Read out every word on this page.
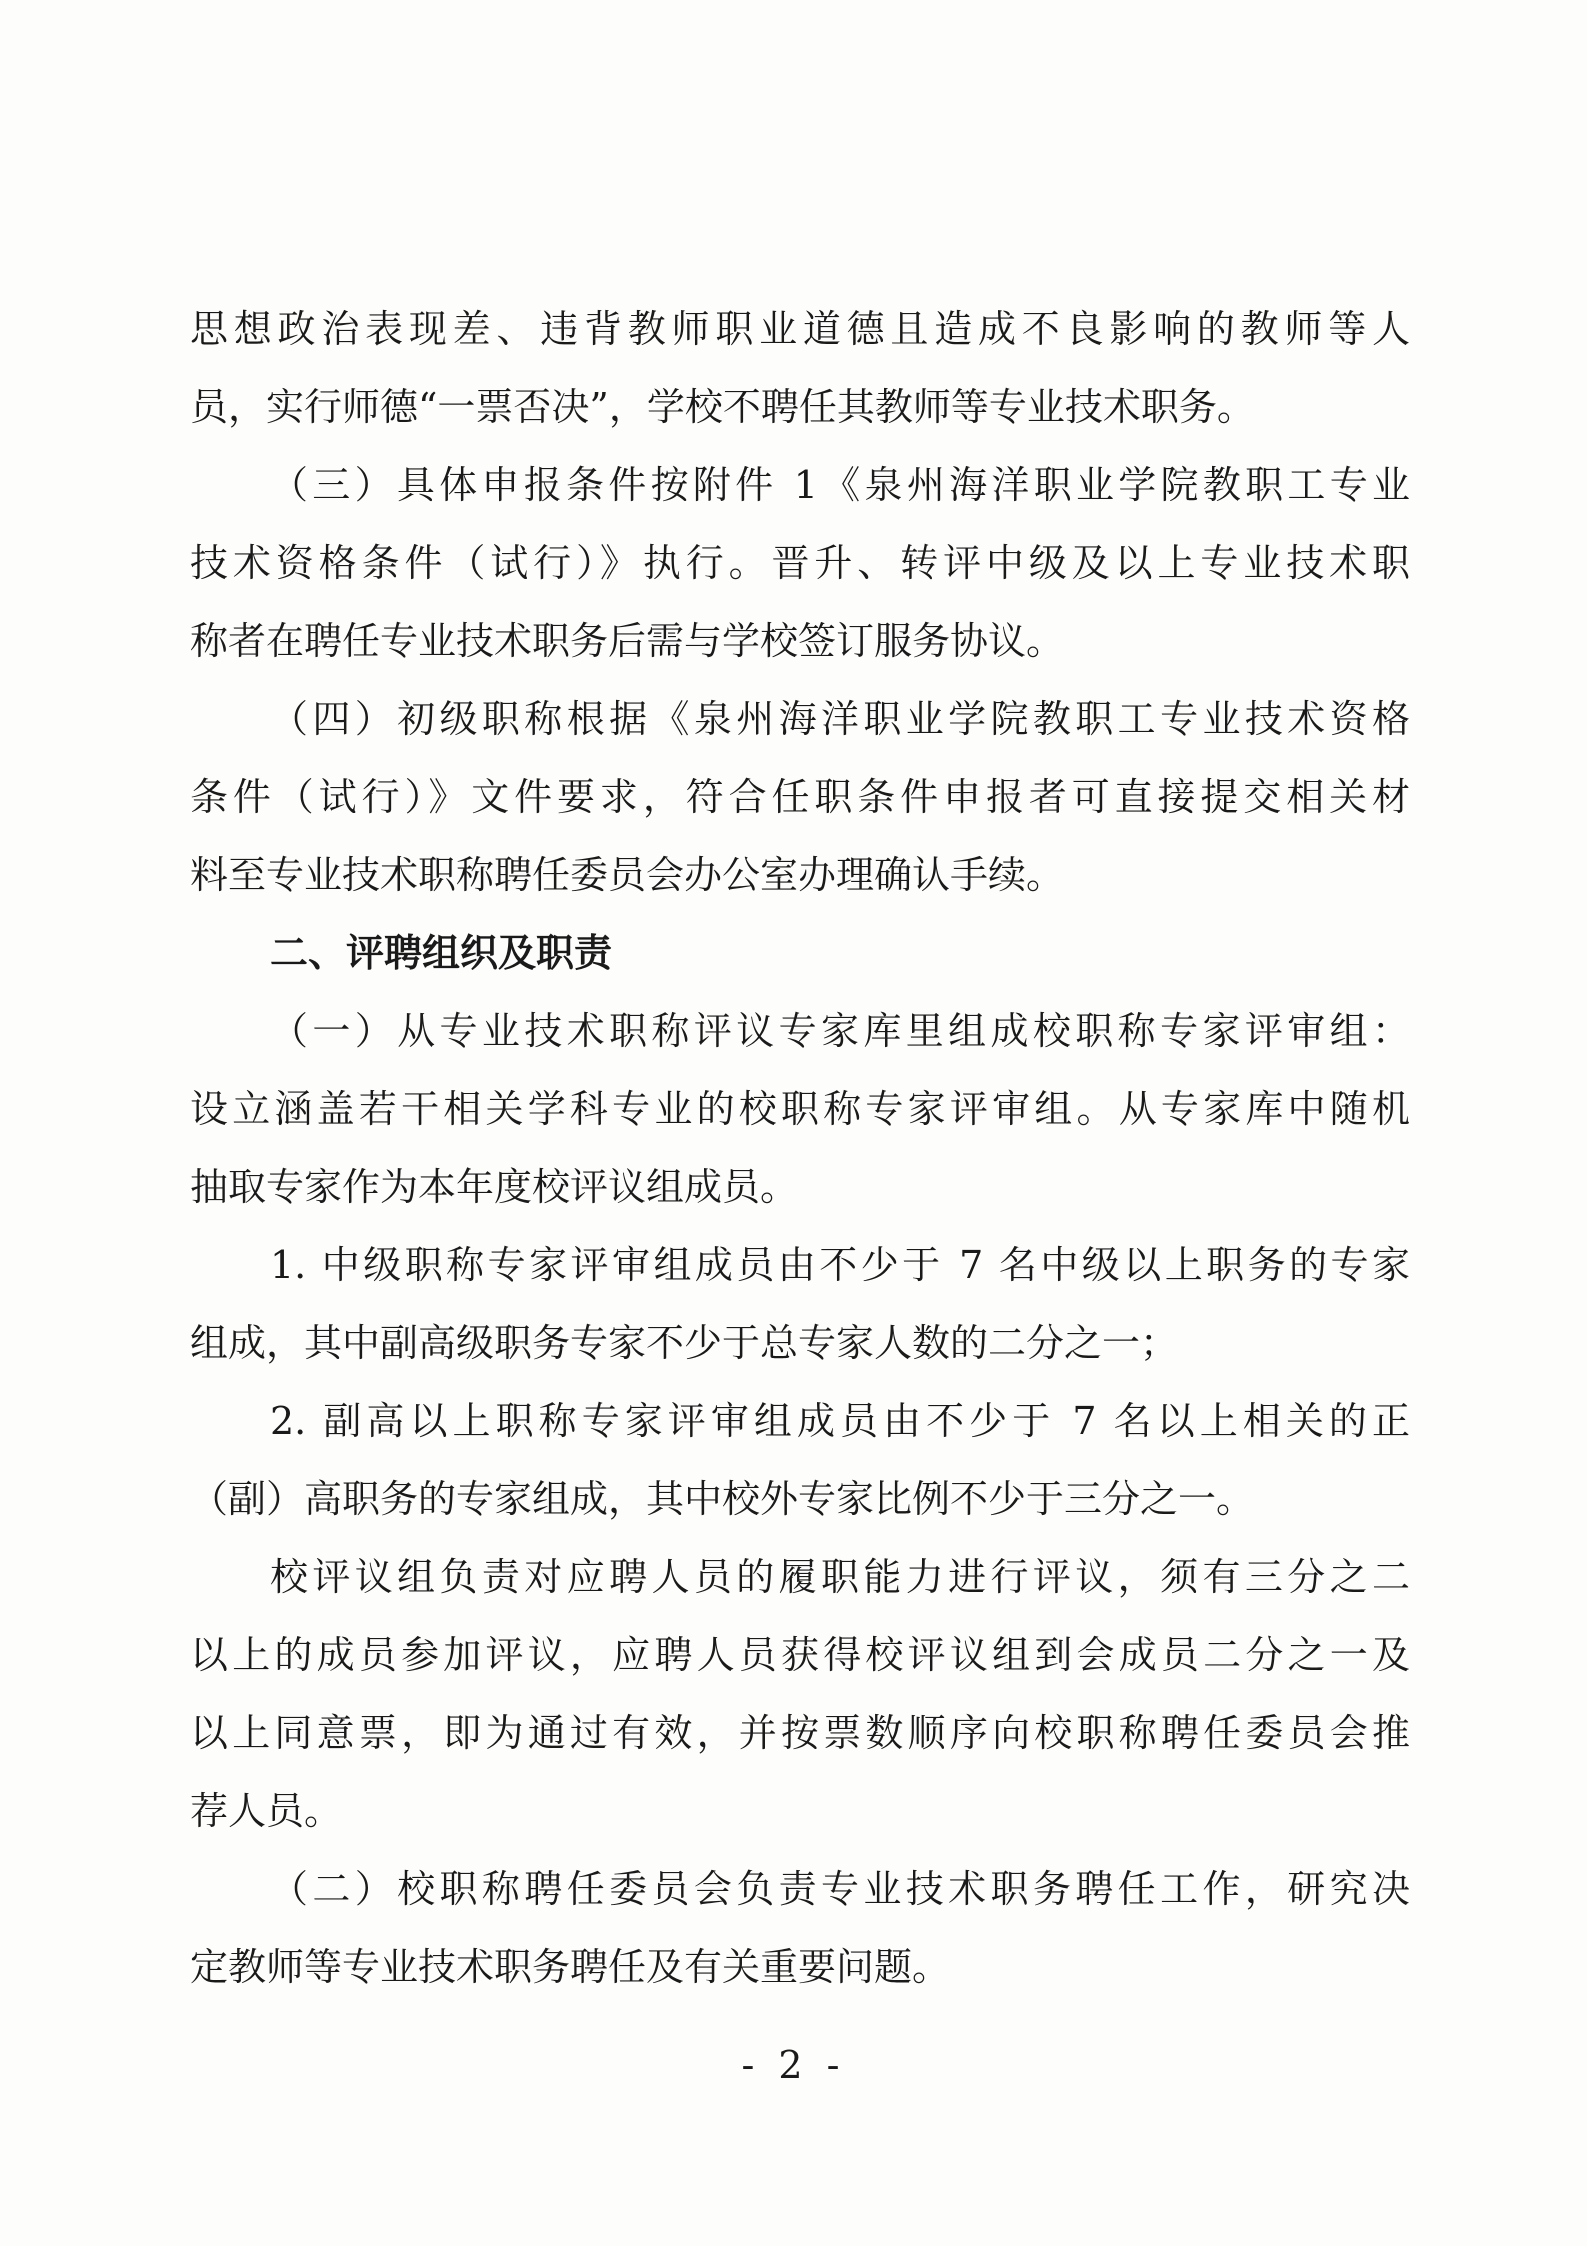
思想政治表现差、违背教师职业道德且造成不良影响的教师等人
员，实行师德“一票否决”，学校不聘任其教师等专业技术职务。
（三）具体申报条件按附件 1《泉州海洋职业学院教职工专业
技术资格条件（试行）》执行。晋升、转评中级及以上专业技术职
称者在聘任专业技术职务后需与学校签订服务协议。
（四）初级职称根据《泉州海洋职业学院教职工专业技术资格
条件（试行）》文件要求，符合任职条件申报者可直接提交相关材
料至专业技术职称聘任委员会办公室办理确认手续。
二、评聘组织及职责
（一）从专业技术职称评议专家库里组成校职称专家评审组：
设立涵盖若干相关学科专业的校职称专家评审组。从专家库中随机
抽取专家作为本年度校评议组成员。
1. 中级职称专家评审组成员由不少于 7 名中级以上职务的专家
组成，其中副高级职务专家不少于总专家人数的二分之一；
2. 副高以上职称专家评审组成员由不少于 7 名以上相关的正
（副）高职务的专家组成，其中校外专家比例不少于三分之一。
校评议组负责对应聘人员的履职能力进行评议，须有三分之二
以上的成员参加评议，应聘人员获得校评议组到会成员二分之一及
以上同意票，即为通过有效，并按票数顺序向校职称聘任委员会推
荐人员。
（二）校职称聘任委员会负责专业技术职务聘任工作，研究决
定教师等专业技术职务聘任及有关重要问题。
- 2 -
